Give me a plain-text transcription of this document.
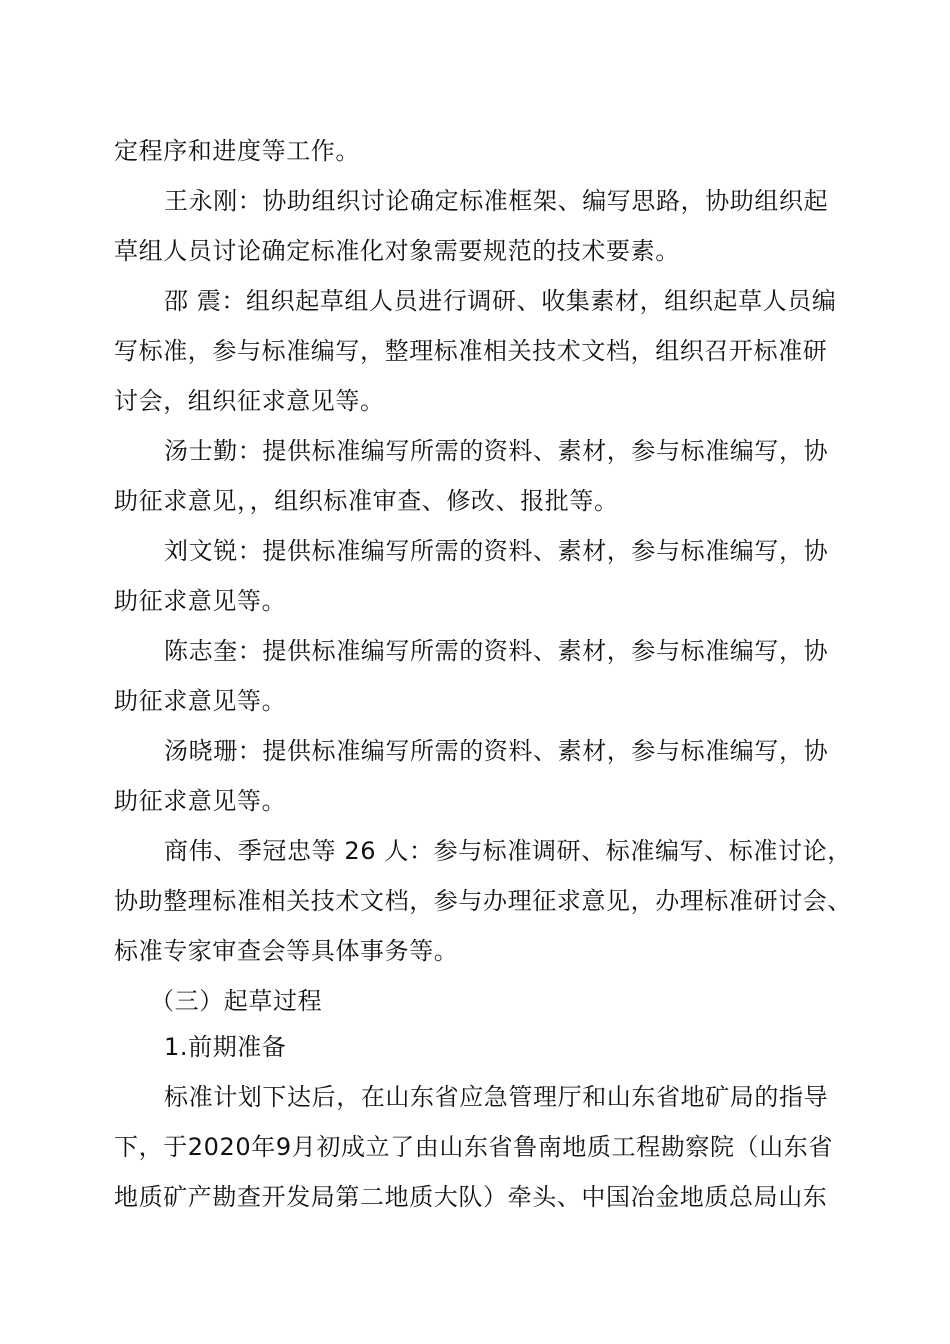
定程序和进度等工作。
王永刚：协助组织讨论确定标准框架、编写思路，协助组织起
草组人员讨论确定标准化对象需要规范的技术要素。
邵 震：组织起草组人员进行调研、收集素材，组织起草人员编
写标准，参与标准编写，整理标准相关技术文档，组织召开标准研
讨会，组织征求意见等。
汤士勤：提供标准编写所需的资料、素材，参与标准编写，协
助征求意见，，组织标准审查、修改、报批等。
刘文锐：提供标准编写所需的资料、素材，参与标准编写，协
助征求意见等。
陈志奎：提供标准编写所需的资料、素材，参与标准编写，协
助征求意见等。
汤晓珊：提供标准编写所需的资料、素材，参与标准编写，协
助征求意见等。
商伟、季冠忠等 26 人：参与标准调研、标准编写、标准讨论，
协助整理标准相关技术文档，参与办理征求意见，办理标准研讨会、
标准专家审查会等具体事务等。
（三）起草过程
1.前期准备
标准计划下达后，在山东省应急管理厅和山东省地矿局的指导
下，于2020年9月初成立了由山东省鲁南地质工程勘察院（山东省
地质矿产勘查开发局第二地质大队）牵头、中国冶金地质总局山东
